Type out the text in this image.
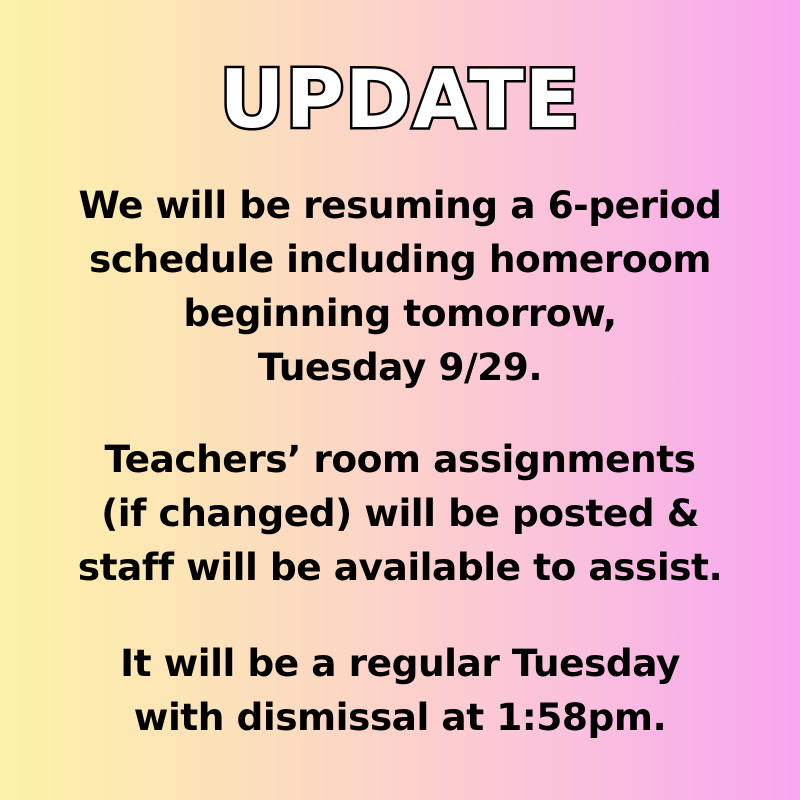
UPDATE
We will be resuming a 6-period
schedule including homeroom
beginning tomorrow,
Tuesday 9/29.
Teachers’ room assignments
(if changed) will be posted &
staff will be available to assist.
It will be a regular Tuesday
with dismissal at 1:58pm.
